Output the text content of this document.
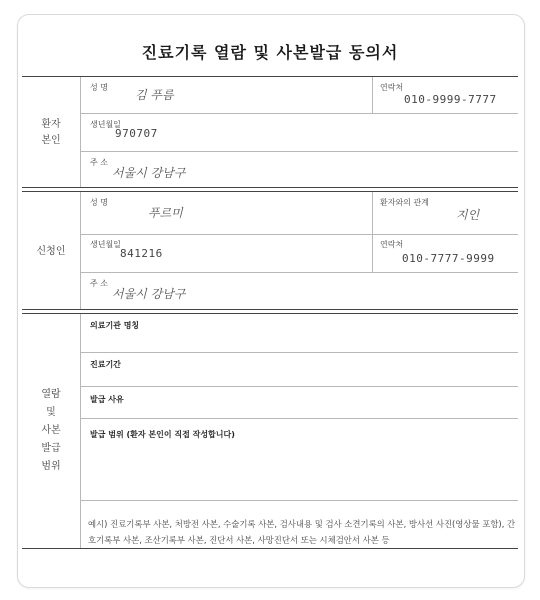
진료기록 열람 및 사본발급 동의서
환자
본인
성 명
김 푸름
연락처
010-9999-7777
생년월일
970707
주 소
서울시 강남구
신청인
성 명
푸르미
환자와의 관계
지인
생년월일
841216
연락처
010-7777-9999
주 소
서울시 강남구
열람
및
사본
발급
범위
의료기관 명칭
진료기간
발급 사유
발급 범위 (환자 본인이 직접 작성합니다)
예시) 진료기록부 사본, 처방전 사본, 수술기록 사본, 검사내용 및 검사 소견기록의 사본, 방사선 사진(영상물 포함), 간호기록부 사본, 조산기록부 사본, 진단서 사본, 사망진단서 또는 시체검안서 사본 등
